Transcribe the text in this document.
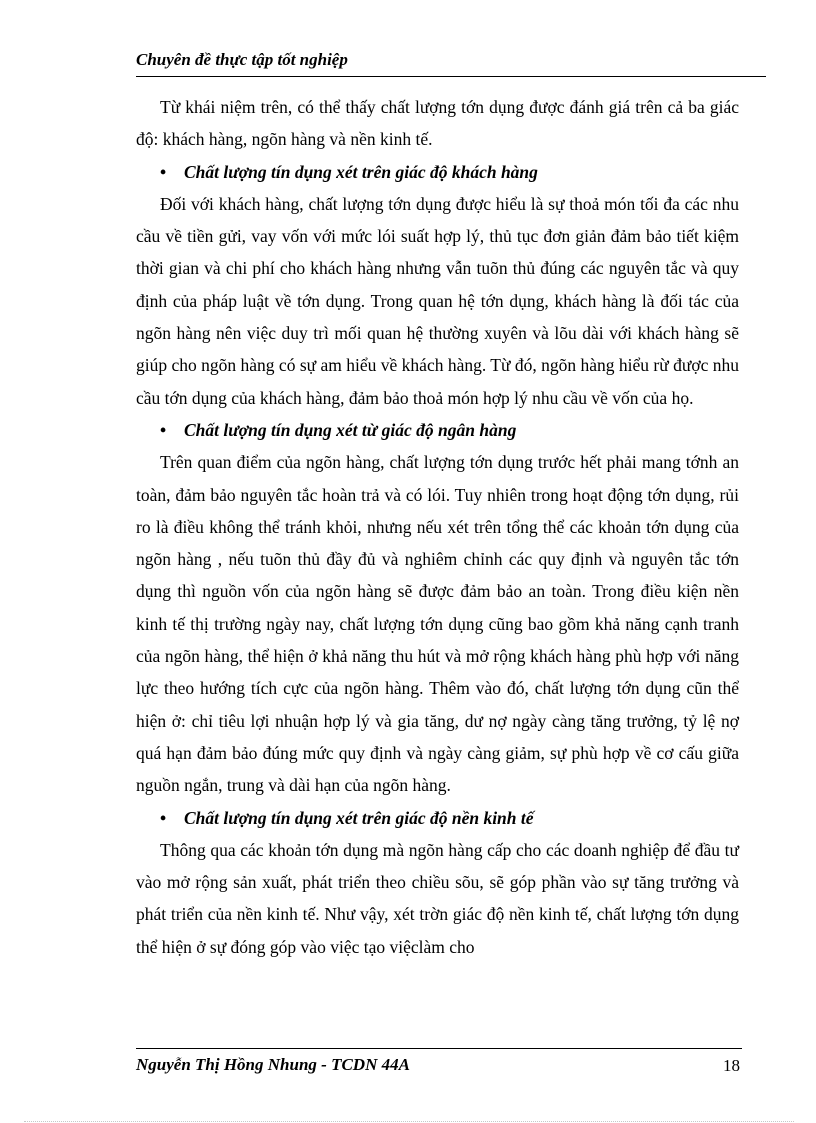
Chuyên đề thực tập tốt nghiệp

Từ khái niệm trên, có thể thấy chất lượng tớn dụng được đánh giá trên cả ba giác độ: khách hàng, ngõn hàng và nền kinh tế.

• Chất lượng tín dụng xét trên giác độ khách hàng

Đối với khách hàng, chất lượng tớn dụng được hiểu là sự thoả món tối đa các nhu cầu về tiền gửi, vay vốn với mức lói suất hợp lý, thủ tục đơn giản đảm bảo tiết kiệm thời gian và chi phí cho khách hàng nhưng vẫn tuõn thủ đúng các nguyên tắc và quy định của pháp luật về tớn dụng. Trong quan hệ tớn dụng, khách hàng là đối tác của ngõn hàng nên việc duy trì mối quan hệ thường xuyên và lõu dài với khách hàng sẽ giúp cho ngõn hàng có sự am hiểu về khách hàng. Từ đó, ngõn hàng hiểu rừ được nhu cầu tớn dụng của khách hàng, đảm bảo thoả món hợp lý nhu cầu về vốn của họ.

• Chất lượng tín dụng xét từ giác độ ngân hàng

Trên quan điểm của ngõn hàng, chất lượng tớn dụng trước hết phải mang tớnh an toàn, đảm bảo nguyên tắc hoàn trả và có lói. Tuy nhiên trong hoạt động tớn dụng, rủi ro là điều không thể tránh khỏi, nhưng nếu xét trên tổng thể các khoản tớn dụng của ngõn hàng , nếu tuõn thủ đầy đủ và nghiêm chỉnh các quy định và nguyên tắc tớn dụng thì nguồn vốn của ngõn hàng sẽ được đảm bảo an toàn. Trong điều kiện nền kinh tế thị trường ngày nay, chất lượng tớn dụng cũng bao gồm khả năng cạnh tranh của ngõn hàng, thể hiện ở khả năng thu hút và mở rộng khách hàng phù hợp với năng lực theo hướng tích cực của ngõn hàng. Thêm vào đó, chất lượng tớn dụng cũn thể hiện ở: chỉ tiêu lợi nhuận hợp lý và gia tăng, dư nợ ngày càng tăng trưởng, tỷ lệ nợ quá hạn đảm bảo đúng mức quy định và ngày càng giảm, sự phù hợp về cơ cấu giữa nguồn ngắn, trung và dài hạn của ngõn hàng.

• Chất lượng tín dụng xét trên giác độ nền kinh tế

Thông qua các khoản tớn dụng mà ngõn hàng cấp cho các doanh nghiệp để đầu tư vào mở rộng sản xuất, phát triển theo chiều sõu, sẽ góp phần vào sự tăng trưởng và phát triển của nền kinh tế. Như vậy, xét trờn giác độ nền kinh tế, chất lượng tớn dụng thể hiện ở sự đóng góp vào việc tạo việclàm cho

Nguyễn Thị Hồng Nhung - TCDN 44A	18
